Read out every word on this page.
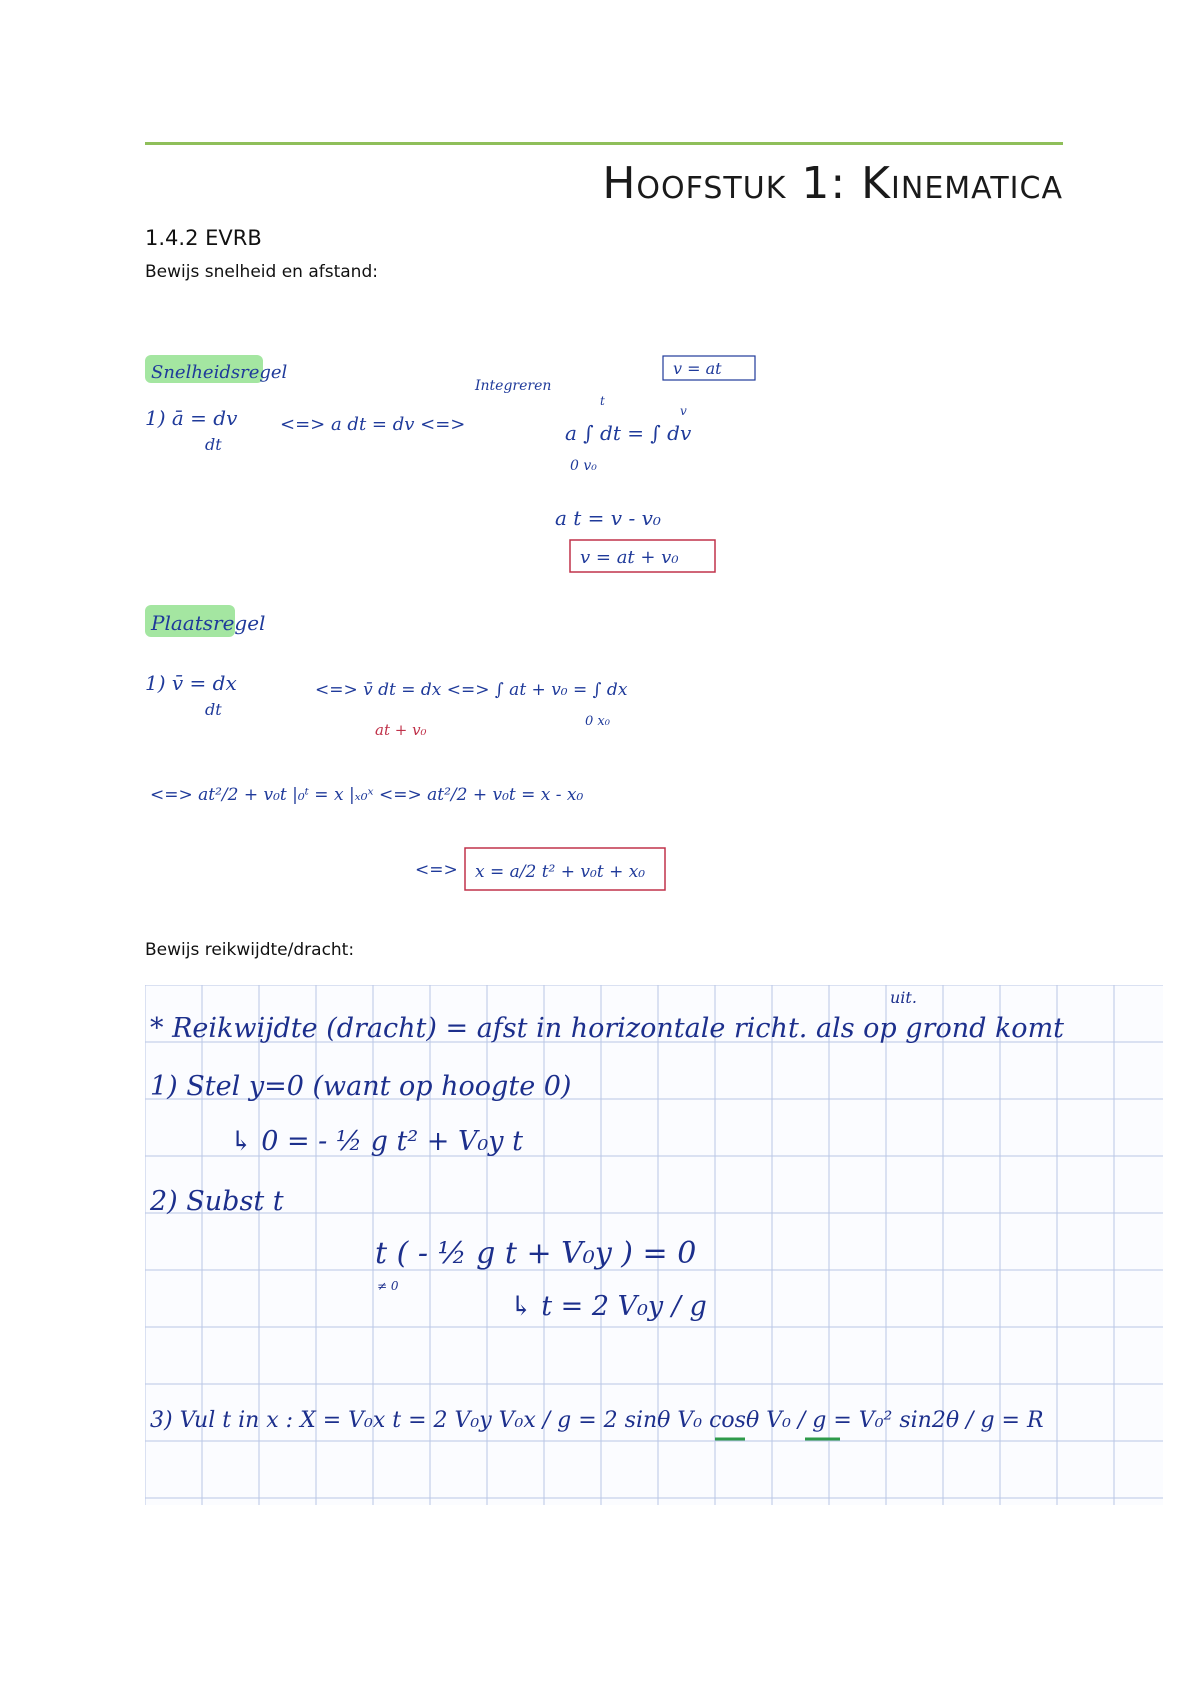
HOOFSTUK 1: KINEMATICA
1.4.2 EVRB
Bewijs snelheid en afstand:
Snelheidsregel
Integreren
v = at
1) ā = dv
dt
<=> a dt = dv <=>
t
v
a ∫ dt = ∫ dv
0 v₀
a t = v - v₀
v = at + v₀
Plaatsregel
1) v̄ = dx
dt
<=> v̄ dt = dx <=> ∫ at + v₀ = ∫ dx
0 x₀
at + v₀
<=> at²/2 + v₀t |₀ᵗ = x |ₓ₀ˣ <=> at²/2 + v₀t = x - x₀
<=> x = a/2 t² + v₀t + x₀
Bewijs reikwijdte/dracht:
uit.
* Reikwijdte (dracht) = afst in horizontale richt. als op grond komt
1) Stel y=0 (want op hoogte 0)
↳ 0 = - ½ g t² + V₀y t
2) Subst t
t ( - ½ g t + V₀y ) = 0
≠ 0
↳ t = 2 V₀y / g
3) Vul t in x : X = V₀x t = 2 V₀y V₀x / g = 2 sinθ V₀ cosθ V₀ / g = V₀² sin2θ / g = R
